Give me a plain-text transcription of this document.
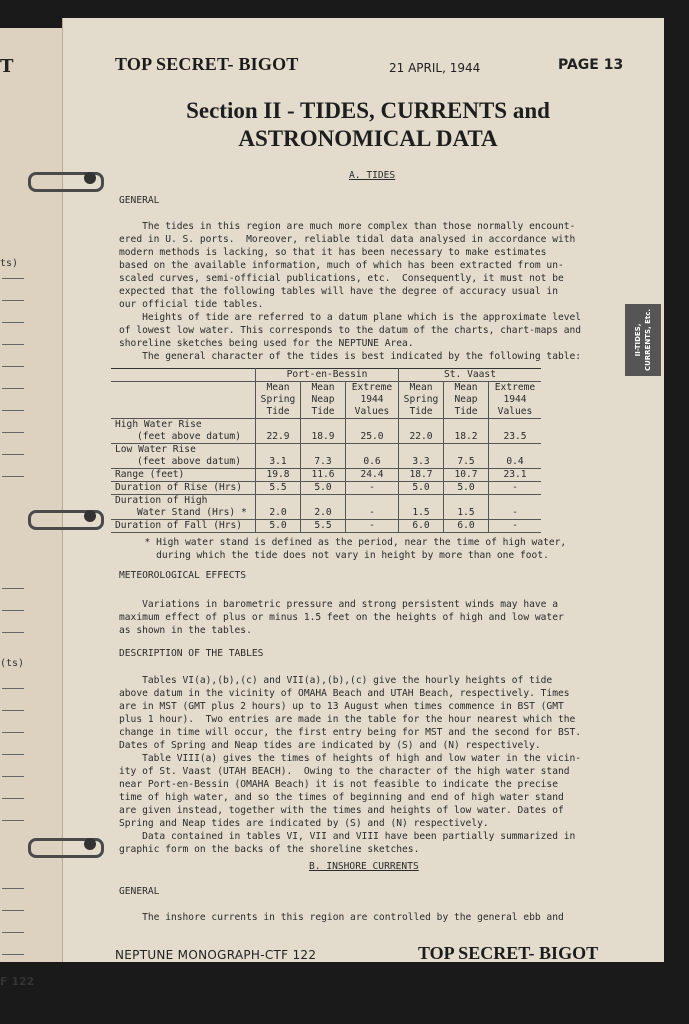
T
ts)
(ts)
F 122
TOP SECRET- BIGOT	21 APRIL, 1944	PAGE 13
Section II - TIDES, CURRENTS and
ASTRONOMICAL DATA
A. TIDES
GENERAL
The tides in this region are much more complex than those normally encount-
ered in U. S. ports.  Moreover, reliable tidal data analysed in accordance with
modern methods is lacking, so that it has been necessary to make estimates
based on the available information, much of which has been extracted from un-
scaled curves, semi-official publications, etc.  Consequently, it must not be
expected that the following tables will have the degree of accuracy usual in
our official tide tables.
Heights of tide are referred to a datum plane which is the approximate level
of lowest low water. This corresponds to the datum of the charts, chart-maps and
shoreline sketches being used for the NEPTUNE Area.
The general character of the tides is best indicated by the following table:
	Port-en-Bessin			St. Vaast		
	Mean Spring Tide	Mean Neap Tide	Extreme 1944 Values	Mean Spring Tide	Mean Neap Tide	Extreme 1944 Values

High Water Rise
(feet above datum)	22.9	18.9	25.0	22.0	18.2	23.5

Low Water Rise
(feet above datum)	3.1	7.3	0.6	3.3	7.5	0.4

Range (feet)	19.8	11.6	24.4	18.7	10.7	23.1

Duration of Rise (Hrs)	5.5	5.0	-	5.0	5.0	-

Duration of High
Water Stand (Hrs) *	2.0	2.0	-	1.5	1.5	-

Duration of Fall (Hrs)	5.0	5.5	-	6.0	6.0	-
* High water stand is defined as the period, near the time of high water,
during which the tide does not vary in height by more than one foot.
METEOROLOGICAL EFFECTS
Variations in barometric pressure and strong persistent winds may have a
maximum effect of plus or minus 1.5 feet on the heights of high and low water
as shown in the tables.
DESCRIPTION OF THE TABLES
Tables VI(a),(b),(c) and VII(a),(b),(c) give the hourly heights of tide
above datum in the vicinity of OMAHA Beach and UTAH Beach, respectively. Times
are in MST (GMT plus 2 hours) up to 13 August when times commence in BST (GMT
plus 1 hour).  Two entries are made in the table for the hour nearest which the
change in time will occur, the first entry being for MST and the second for BST.
Dates of Spring and Neap tides are indicated by (S) and (N) respectively.
Table VIII(a) gives the times of heights of high and low water in the vicin-
ity of St. Vaast (UTAH BEACH).  Owing to the character of the high water stand
near Port-en-Bessin (OMAHA Beach) it is not feasible to indicate the precise
time of high water, and so the times of beginning and end of high water stand
are given instead, together with the times and heights of low water. Dates of
Spring and Neap tides are indicated by (S) and (N) respectively.
Data contained in tables VI, VII and VIII have been partially summarized in
graphic form on the backs of the shoreline sketches.
B. INSHORE CURRENTS
GENERAL
The inshore currents in this region are controlled by the general ebb and
NEPTUNE MONOGRAPH-CTF 122	TOP SECRET- BIGOT
II-TIDES, CURRENTS, Etc.
